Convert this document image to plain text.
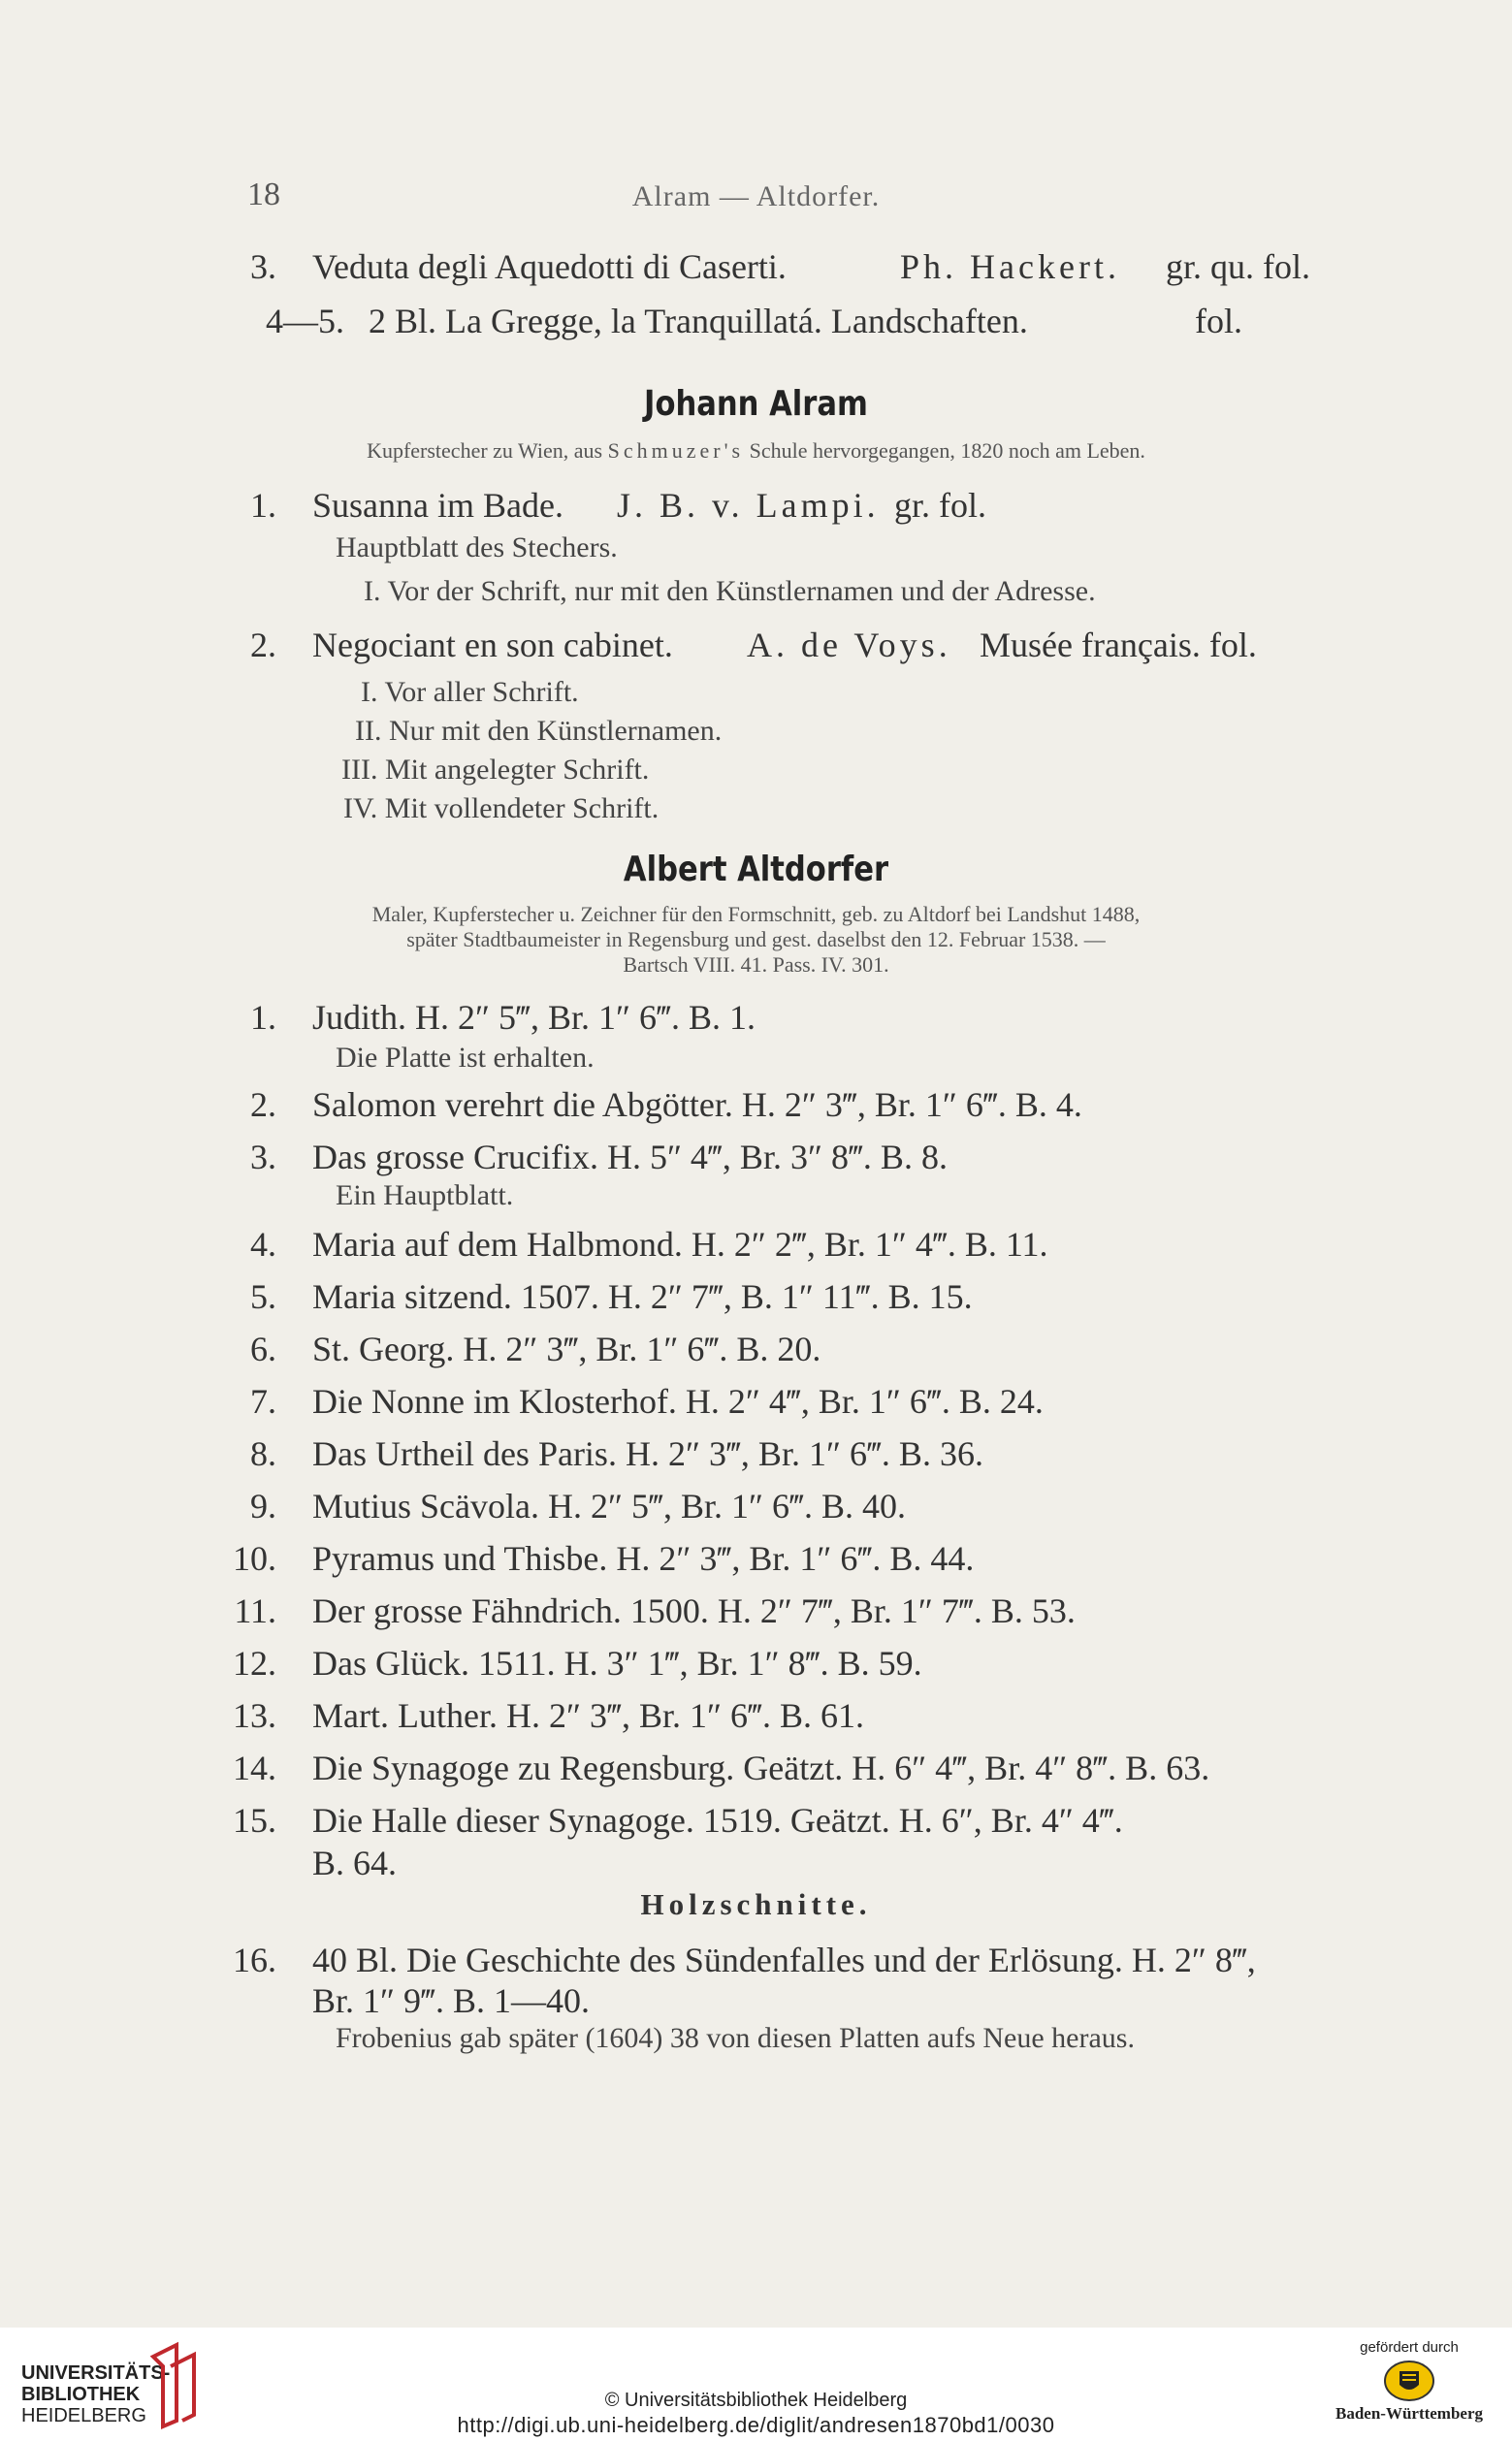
18	Alram — Altdorfer.
3. Veduta degli Aquedotti di Caserti.	Ph. Hackert. gr. qu. fol.
4—5. 2 Bl. La Gregge, la Tranquillatá. Landschaften.	fol.
Johann Alram
Kupferstecher zu Wien, aus Schmuzer's Schule hervorgegangen, 1820 noch am Leben.
1. Susanna im Bade. J. B. v. Lampi. gr. fol.
Hauptblatt des Stechers.
I. Vor der Schrift, nur mit den Künstlernamen und der Adresse.
2. Negociant en son cabinet. A. de Voys. Musée français. fol.
I. Vor aller Schrift.
II. Nur mit den Künstlernamen.
III. Mit angelegter Schrift.
IV. Mit vollendeter Schrift.
Albert Altdorfer
Maler, Kupferstecher u. Zeichner für den Formschnitt, geb. zu Altdorf bei Landshut 1488,
später Stadtbaumeister in Regensburg und gest. daselbst den 12. Februar 1538. —
Bartsch VIII. 41. Pass. IV. 301.
1. Judith. H. 2″ 5‴, Br. 1″ 6‴. B. 1.
Die Platte ist erhalten.
2. Salomon verehrt die Abgötter. H. 2″ 3‴, Br. 1″ 6‴. B. 4.
3. Das grosse Crucifix. H. 5″ 4‴, Br. 3″ 8‴. B. 8.
Ein Hauptblatt.
4. Maria auf dem Halbmond. H. 2″ 2‴, Br. 1″ 4‴. B. 11.
5. Maria sitzend. 1507. H. 2″ 7‴, B. 1″ 11‴. B. 15.
6. St. Georg. H. 2″ 3‴, Br. 1″ 6‴. B. 20.
7. Die Nonne im Klosterhof. H. 2″ 4‴, Br. 1″ 6‴. B. 24.
8. Das Urtheil des Paris. H. 2″ 3‴, Br. 1″ 6‴. B. 36.
9. Mutius Scävola. H. 2″ 5‴, Br. 1″ 6‴. B. 40.
10. Pyramus und Thisbe. H. 2″ 3‴, Br. 1″ 6‴. B. 44.
11. Der grosse Fähndrich. 1500. H. 2″ 7‴, Br. 1″ 7‴. B. 53.
12. Das Glück. 1511. H. 3″ 1‴, Br. 1″ 8‴. B. 59.
13. Mart. Luther. H. 2″ 3‴, Br. 1″ 6‴. B. 61.
14. Die Synagoge zu Regensburg. Geätzt. H. 6″ 4‴, Br. 4″ 8‴. B. 63.
15. Die Halle dieser Synagoge. 1519. Geätzt. H. 6″, Br. 4″ 4‴.
B. 64.
Holzschnitte.
16. 40 Bl. Die Geschichte des Sündenfalles und der Erlösung. H. 2″ 8‴,
Br. 1″ 9‴. B. 1—40.
Frobenius gab später (1604) 38 von diesen Platten aufs Neue heraus.
UNIVERSITÄTS-
BIBLIOTHEK
HEIDELBERG
© Universitätsbibliothek Heidelberg
http://digi.ub.uni-heidelberg.de/diglit/andresen1870bd1/0030
gefördert durch
Baden-Württemberg
